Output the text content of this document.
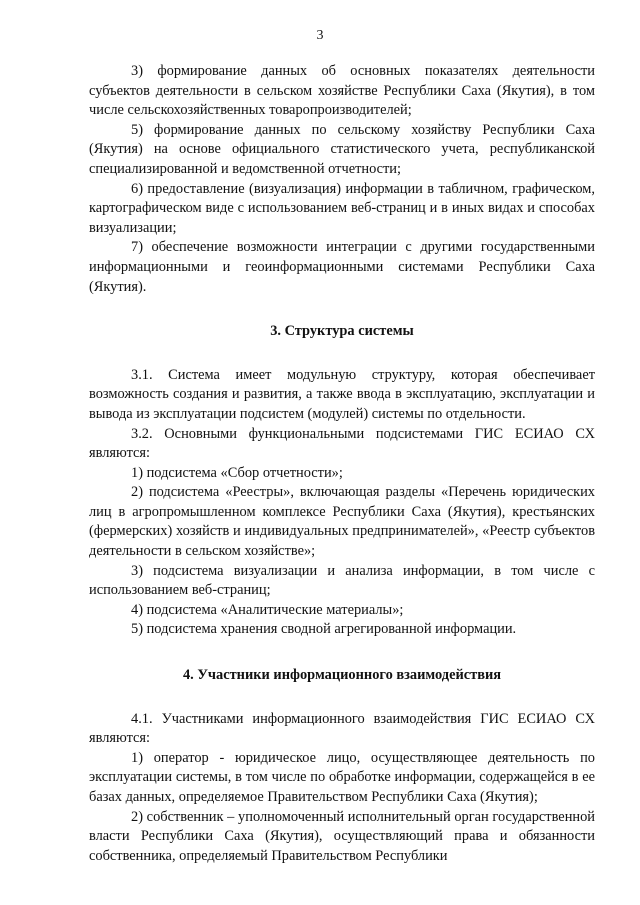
3

3) формирование данных об основных показателях деятельности субъектов деятельности в сельском хозяйстве Республики Саха (Якутия), в том числе сельскохозяйственных товаропроизводителей;

5) формирование данных по сельскому хозяйству Республики Саха (Якутия) на основе официального статистического учета, республиканской специализированной и ведомственной отчетности;

6) предоставление (визуализация) информации в табличном, графическом, картографическом виде с использованием веб-страниц и в иных видах и способах визуализации;

7) обеспечение возможности интеграции с другими государственными информационными и геоинформационными системами Республики Саха (Якутия).

3. Структура системы

3.1. Система имеет модульную структуру, которая обеспечивает возможность создания и развития, а также ввода в эксплуатацию, эксплуатации и вывода из эксплуатации подсистем (модулей) системы по отдельности.

3.2. Основными функциональными подсистемами ГИС ЕСИАО СХ являются:

1) подсистема «Сбор отчетности»;

2) подсистема «Реестры», включающая разделы «Перечень юридических лиц в агропромышленном комплексе Республики Саха (Якутия), крестьянских (фермерских) хозяйств и индивидуальных предпринимателей», «Реестр субъектов деятельности в сельском хозяйстве»;

3) подсистема визуализации и анализа информации, в том числе с использованием веб-страниц;

4) подсистема «Аналитические материалы»;

5) подсистема хранения сводной агрегированной информации.

4. Участники информационного взаимодействия

4.1. Участниками информационного взаимодействия ГИС ЕСИАО СХ являются:

1) оператор - юридическое лицо, осуществляющее деятельность по эксплуатации системы, в том числе по обработке информации, содержащейся в ее базах данных, определяемое Правительством Республики Саха (Якутия);

2) собственник – уполномоченный исполнительный орган государственной власти Республики Саха (Якутия), осуществляющий права и обязанности собственника, определяемый Правительством Республики
